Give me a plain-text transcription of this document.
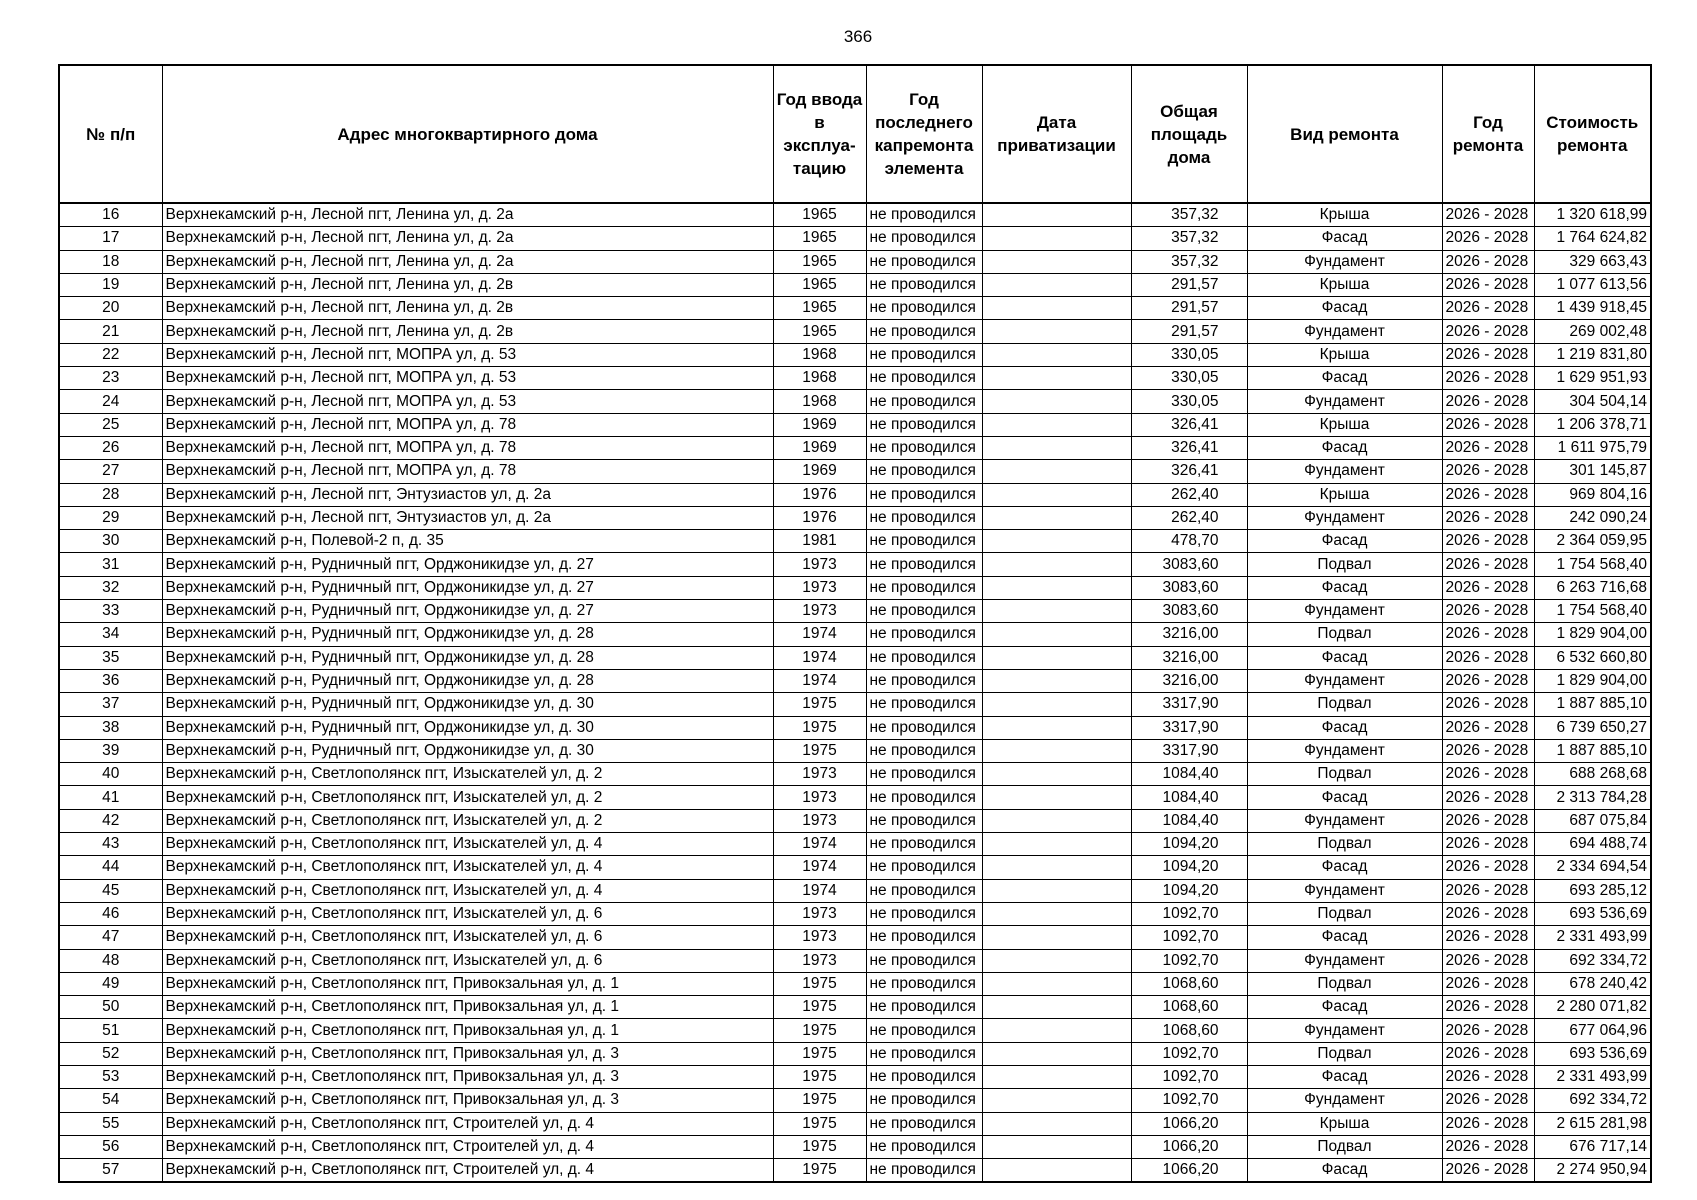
366
№ п/п	Адрес многоквартирного дома	Год ввода в эксплуа-тацию	Год последнего капремонта элемента	Дата приватизации	Общая площадь дома	Вид ремонта	Год ремонта	Стоимость ремонта
16	Верхнекамский р-н, Лесной пгт, Ленина ул, д. 2а	1965	не проводился		357,32	Крыша	2026 - 2028	1 320 618,99
17	Верхнекамский р-н, Лесной пгт, Ленина ул, д. 2а	1965	не проводился		357,32	Фасад	2026 - 2028	1 764 624,82
18	Верхнекамский р-н, Лесной пгт, Ленина ул, д. 2а	1965	не проводился		357,32	Фундамент	2026 - 2028	329 663,43
19	Верхнекамский р-н, Лесной пгт, Ленина ул, д. 2в	1965	не проводился		291,57	Крыша	2026 - 2028	1 077 613,56
20	Верхнекамский р-н, Лесной пгт, Ленина ул, д. 2в	1965	не проводился		291,57	Фасад	2026 - 2028	1 439 918,45
21	Верхнекамский р-н, Лесной пгт, Ленина ул, д. 2в	1965	не проводился		291,57	Фундамент	2026 - 2028	269 002,48
22	Верхнекамский р-н, Лесной пгт, МОПРА ул, д. 53	1968	не проводился		330,05	Крыша	2026 - 2028	1 219 831,80
23	Верхнекамский р-н, Лесной пгт, МОПРА ул, д. 53	1968	не проводился		330,05	Фасад	2026 - 2028	1 629 951,93
24	Верхнекамский р-н, Лесной пгт, МОПРА ул, д. 53	1968	не проводился		330,05	Фундамент	2026 - 2028	304 504,14
25	Верхнекамский р-н, Лесной пгт, МОПРА ул, д. 78	1969	не проводился		326,41	Крыша	2026 - 2028	1 206 378,71
26	Верхнекамский р-н, Лесной пгт, МОПРА ул, д. 78	1969	не проводился		326,41	Фасад	2026 - 2028	1 611 975,79
27	Верхнекамский р-н, Лесной пгт, МОПРА ул, д. 78	1969	не проводился		326,41	Фундамент	2026 - 2028	301 145,87
28	Верхнекамский р-н, Лесной пгт, Энтузиастов ул, д. 2а	1976	не проводился		262,40	Крыша	2026 - 2028	969 804,16
29	Верхнекамский р-н, Лесной пгт, Энтузиастов ул, д. 2а	1976	не проводился		262,40	Фундамент	2026 - 2028	242 090,24
30	Верхнекамский р-н, Полевой-2 п, д. 35	1981	не проводился		478,70	Фасад	2026 - 2028	2 364 059,95
31	Верхнекамский р-н, Рудничный пгт, Орджоникидзе ул, д. 27	1973	не проводился		3083,60	Подвал	2026 - 2028	1 754 568,40
32	Верхнекамский р-н, Рудничный пгт, Орджоникидзе ул, д. 27	1973	не проводился		3083,60	Фасад	2026 - 2028	6 263 716,68
33	Верхнекамский р-н, Рудничный пгт, Орджоникидзе ул, д. 27	1973	не проводился		3083,60	Фундамент	2026 - 2028	1 754 568,40
34	Верхнекамский р-н, Рудничный пгт, Орджоникидзе ул, д. 28	1974	не проводился		3216,00	Подвал	2026 - 2028	1 829 904,00
35	Верхнекамский р-н, Рудничный пгт, Орджоникидзе ул, д. 28	1974	не проводился		3216,00	Фасад	2026 - 2028	6 532 660,80
36	Верхнекамский р-н, Рудничный пгт, Орджоникидзе ул, д. 28	1974	не проводился		3216,00	Фундамент	2026 - 2028	1 829 904,00
37	Верхнекамский р-н, Рудничный пгт, Орджоникидзе ул, д. 30	1975	не проводился		3317,90	Подвал	2026 - 2028	1 887 885,10
38	Верхнекамский р-н, Рудничный пгт, Орджоникидзе ул, д. 30	1975	не проводился		3317,90	Фасад	2026 - 2028	6 739 650,27
39	Верхнекамский р-н, Рудничный пгт, Орджоникидзе ул, д. 30	1975	не проводился		3317,90	Фундамент	2026 - 2028	1 887 885,10
40	Верхнекамский р-н, Светлополянск пгт, Изыскателей ул, д. 2	1973	не проводился		1084,40	Подвал	2026 - 2028	688 268,68
41	Верхнекамский р-н, Светлополянск пгт, Изыскателей ул, д. 2	1973	не проводился		1084,40	Фасад	2026 - 2028	2 313 784,28
42	Верхнекамский р-н, Светлополянск пгт, Изыскателей ул, д. 2	1973	не проводился		1084,40	Фундамент	2026 - 2028	687 075,84
43	Верхнекамский р-н, Светлополянск пгт, Изыскателей ул, д. 4	1974	не проводился		1094,20	Подвал	2026 - 2028	694 488,74
44	Верхнекамский р-н, Светлополянск пгт, Изыскателей ул, д. 4	1974	не проводился		1094,20	Фасад	2026 - 2028	2 334 694,54
45	Верхнекамский р-н, Светлополянск пгт, Изыскателей ул, д. 4	1974	не проводился		1094,20	Фундамент	2026 - 2028	693 285,12
46	Верхнекамский р-н, Светлополянск пгт, Изыскателей ул, д. 6	1973	не проводился		1092,70	Подвал	2026 - 2028	693 536,69
47	Верхнекамский р-н, Светлополянск пгт, Изыскателей ул, д. 6	1973	не проводился		1092,70	Фасад	2026 - 2028	2 331 493,99
48	Верхнекамский р-н, Светлополянск пгт, Изыскателей ул, д. 6	1973	не проводился		1092,70	Фундамент	2026 - 2028	692 334,72
49	Верхнекамский р-н, Светлополянск пгт, Привокзальная ул, д. 1	1975	не проводился		1068,60	Подвал	2026 - 2028	678 240,42
50	Верхнекамский р-н, Светлополянск пгт, Привокзальная ул, д. 1	1975	не проводился		1068,60	Фасад	2026 - 2028	2 280 071,82
51	Верхнекамский р-н, Светлополянск пгт, Привокзальная ул, д. 1	1975	не проводился		1068,60	Фундамент	2026 - 2028	677 064,96
52	Верхнекамский р-н, Светлополянск пгт, Привокзальная ул, д. 3	1975	не проводился		1092,70	Подвал	2026 - 2028	693 536,69
53	Верхнекамский р-н, Светлополянск пгт, Привокзальная ул, д. 3	1975	не проводился		1092,70	Фасад	2026 - 2028	2 331 493,99
54	Верхнекамский р-н, Светлополянск пгт, Привокзальная ул, д. 3	1975	не проводился		1092,70	Фундамент	2026 - 2028	692 334,72
55	Верхнекамский р-н, Светлополянск пгт, Строителей ул, д. 4	1975	не проводился		1066,20	Крыша	2026 - 2028	2 615 281,98
56	Верхнекамский р-н, Светлополянск пгт, Строителей ул, д. 4	1975	не проводился		1066,20	Подвал	2026 - 2028	676 717,14
57	Верхнекамский р-н, Светлополянск пгт, Строителей ул, д. 4	1975	не проводился		1066,20	Фасад	2026 - 2028	2 274 950,94
